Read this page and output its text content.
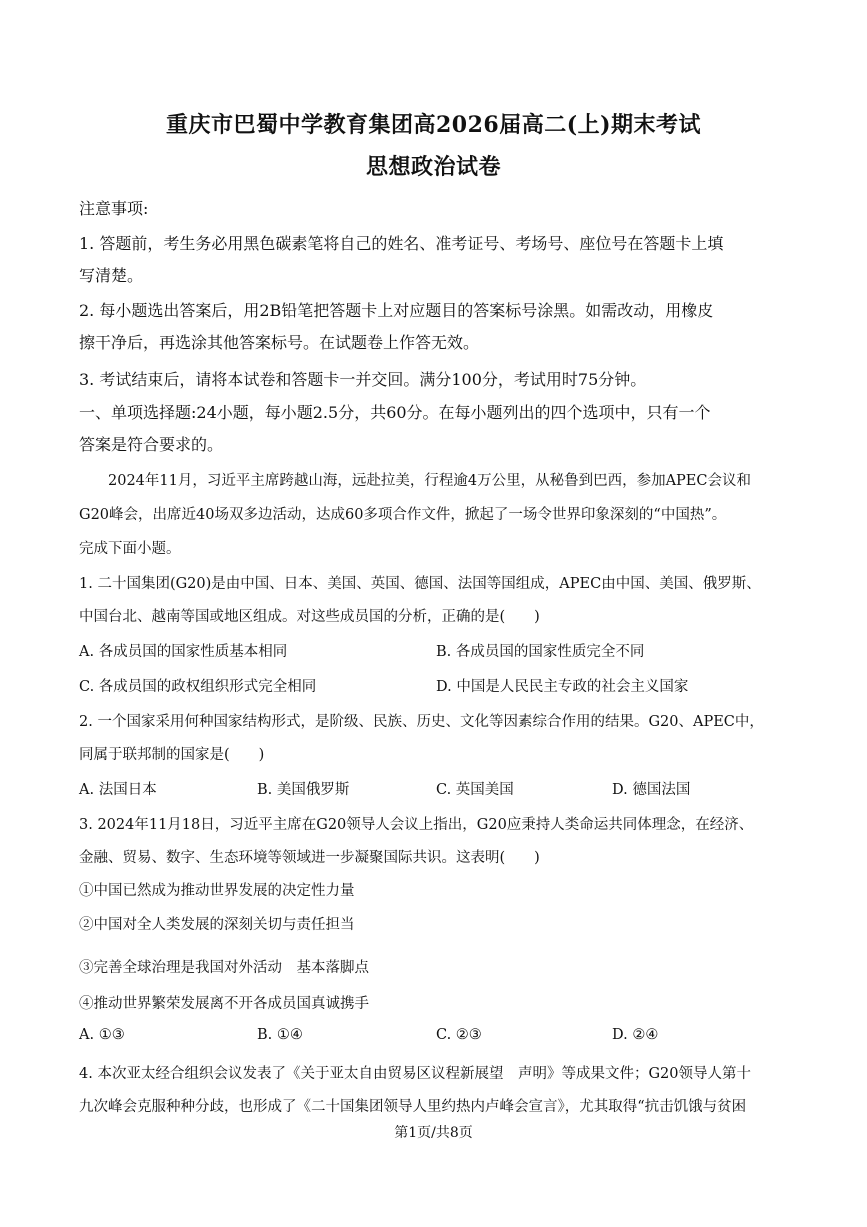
重庆市巴蜀中学教育集团高2026届高二(上)期末考试
思想政治试卷
注意事项:
1. 答题前，考生务必用黑色碳素笔将自己的姓名、准考证号、考场号、座位号在答题卡上填
写清楚。
2. 每小题选出答案后，用2B铅笔把答题卡上对应题目的答案标号涂黑。如需改动，用橡皮
擦干净后，再选涂其他答案标号。在试题卷上作答无效。
3. 考试结束后，请将本试卷和答题卡一并交回。满分100分，考试用时75分钟。
一、单项选择题:24小题，每小题2.5分，共60分。在每小题列出的四个选项中，只有一个
答案是符合要求的。
　　2024年11月，习近平主席跨越山海，远赴拉美，行程逾4万公里，从秘鲁到巴西，参加APEC会议和
G20峰会，出席近40场双多边活动，达成60多项合作文件，掀起了一场令世界印象深刻的“中国热”。
完成下面小题。
1. 二十国集团(G20)是由中国、日本、美国、英国、德国、法国等国组成，APEC由中国、美国、俄罗斯、
中国台北、越南等国或地区组成。对这些成员国的分析，正确的是(　　)
A. 各成员国的国家性质基本相同	B. 各成员国的国家性质完全不同
C. 各成员国的政权组织形式完全相同	D. 中国是人民民主专政的社会主义国家
2. 一个国家采用何种国家结构形式，是阶级、民族、历史、文化等因素综合作用的结果。G20、APEC中，
同属于联邦制的国家是(　　)
A. 法国日本	B. 美国俄罗斯	C. 英国美国	D. 德国法国
3. 2024年11月18日，习近平主席在G20领导人会议上指出，G20应秉持人类命运共同体理念，在经济、
金融、贸易、数字、生态环境等领域进一步凝聚国际共识。这表明(　　)
①中国已然成为推动世界发展的决定性力量
②中国对全人类发展的深刻关切与责任担当
③完善全球治理是我国对外活动　基本落脚点
④推动世界繁荣发展离不开各成员国真诚携手
A. ①③	B. ①④	C. ②③	D. ②④
4. 本次亚太经合组织会议发表了《关于亚太自由贸易区议程新展望　声明》等成果文件；G20领导人第十
九次峰会克服种种分歧，也形成了《二十国集团领导人里约热内卢峰会宣言》，尤其取得“抗击饥饿与贫困
第1页/共8页
